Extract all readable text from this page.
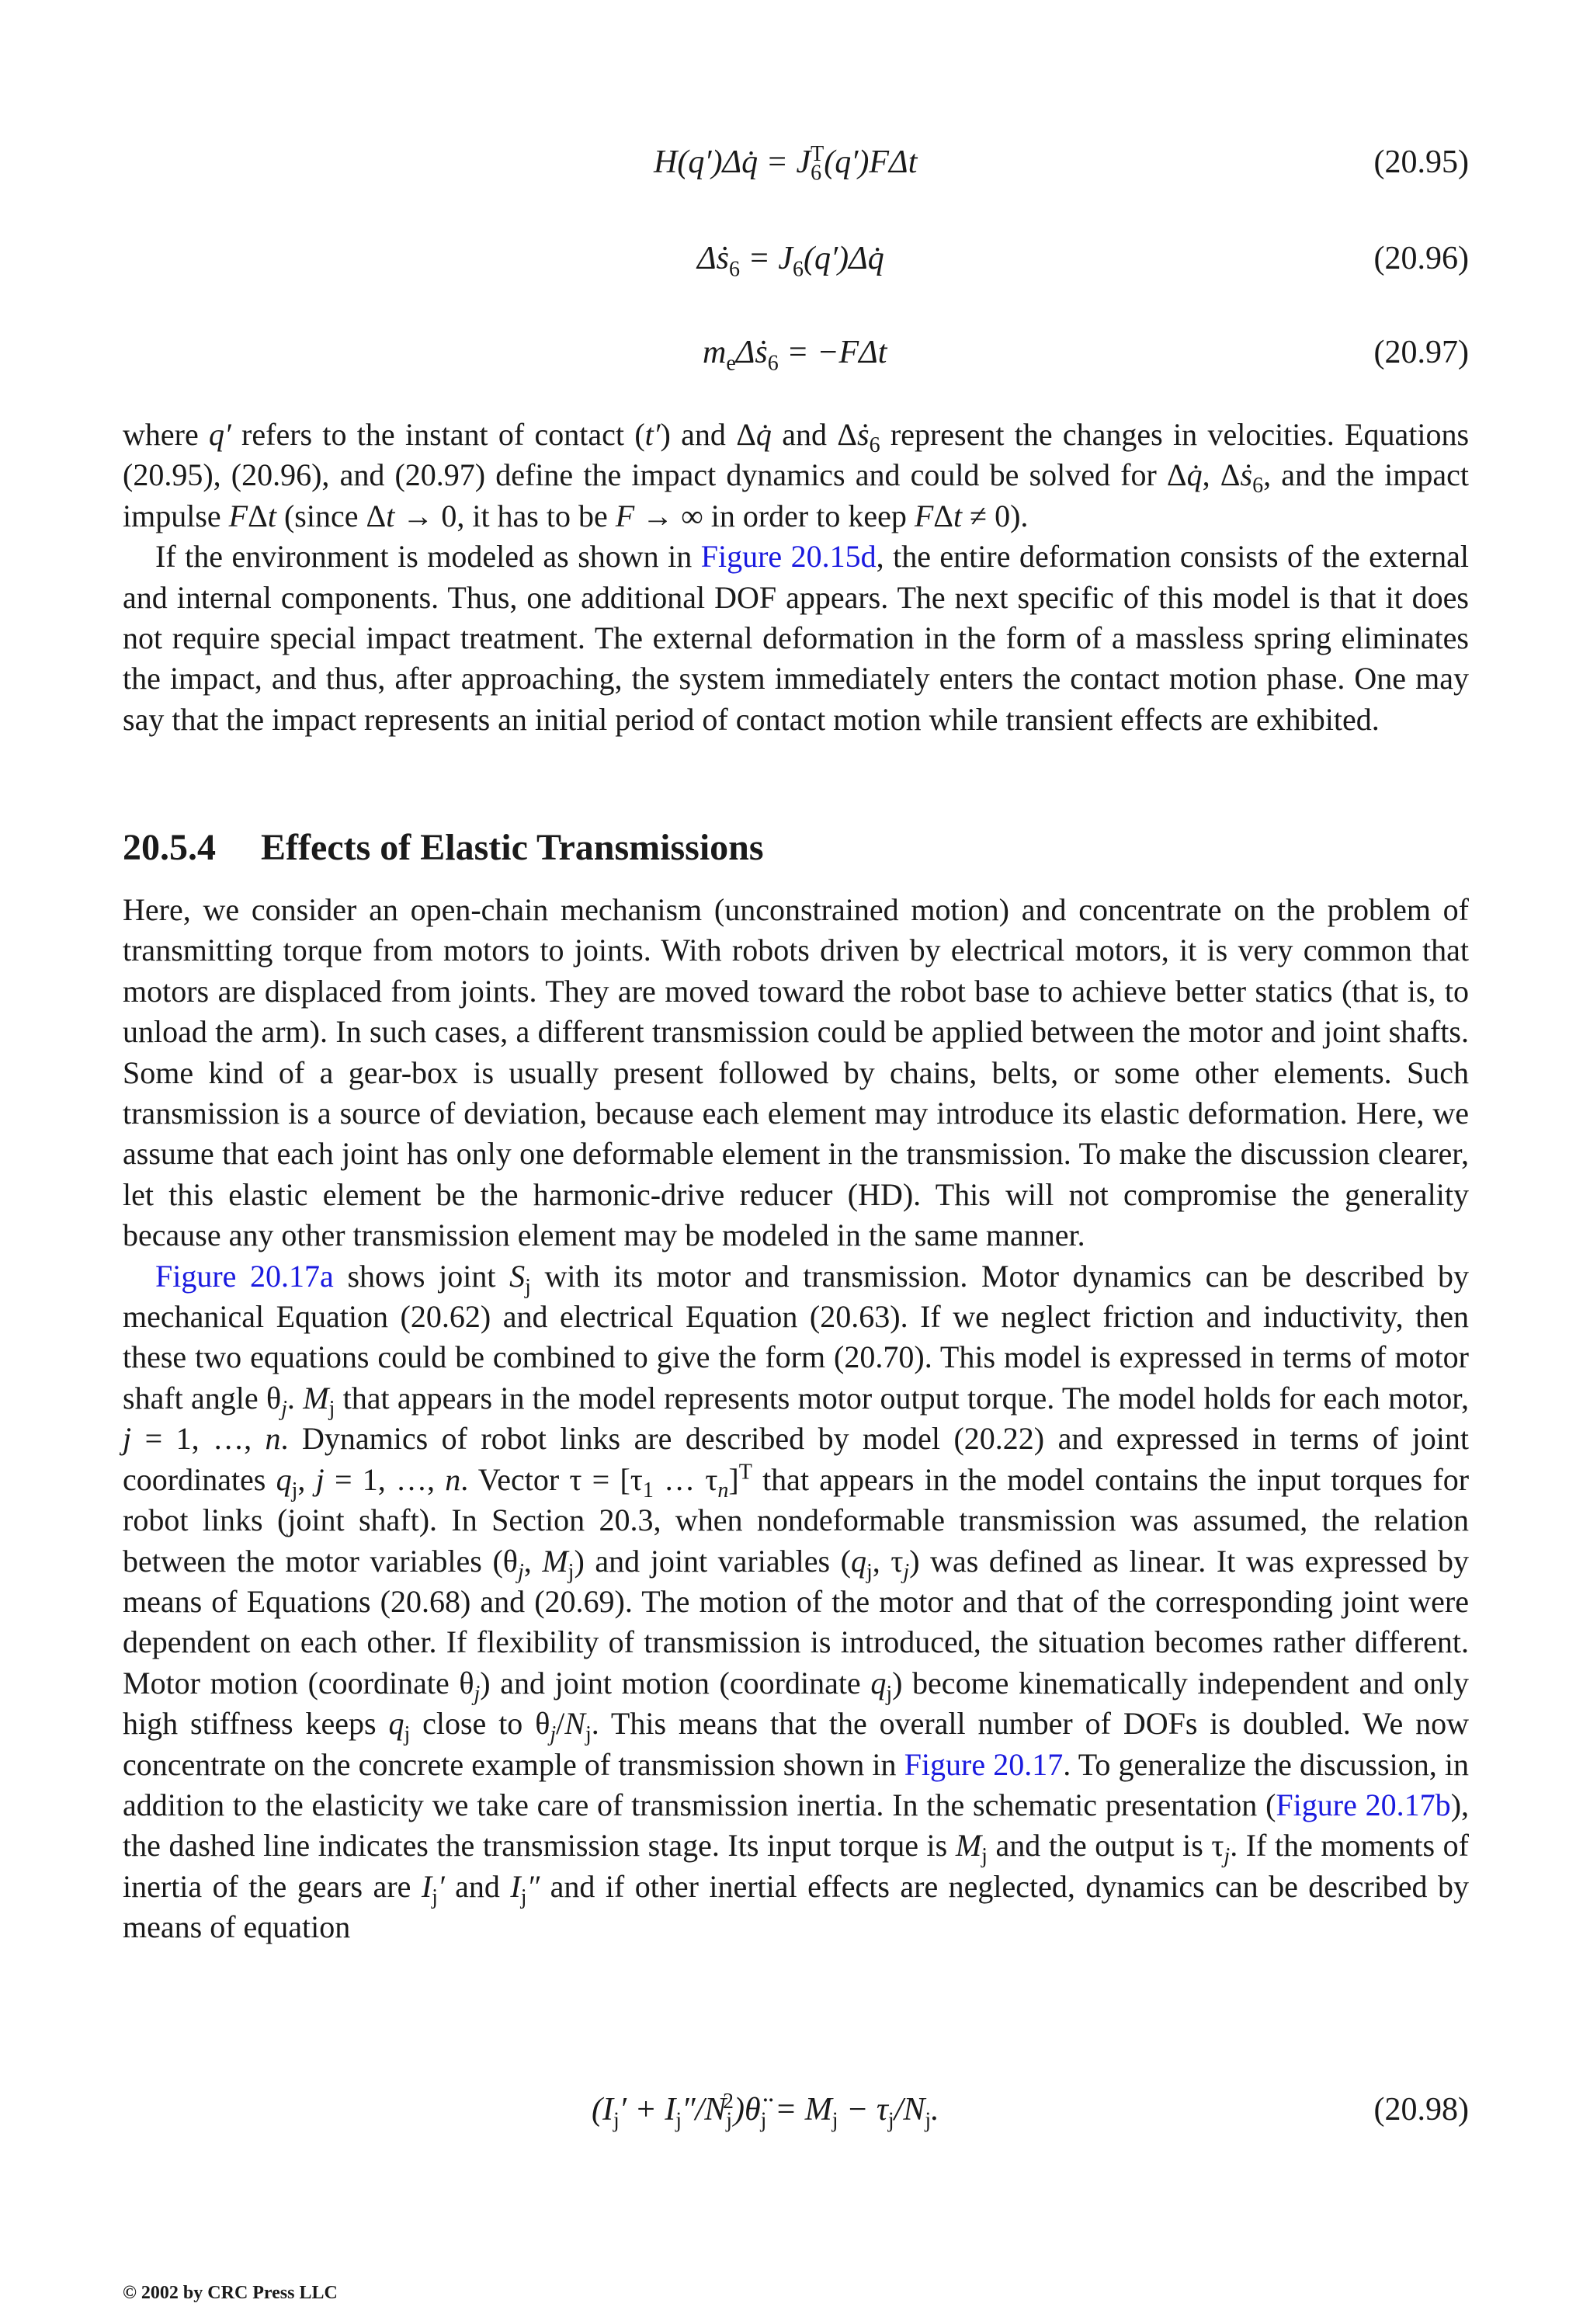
H(q′)Δq̇ = $J_6^T(q')F\Delta t$	(20.95)
Δṡ$_6$ = $J_6(q')\Delta q̇$	(20.96)
$m_e\Delta ṡ_6 = -F\Delta t$	(20.97)

where q′ refers to the instant of contact (t′) and Δq̇ and Δṡ$_6$ represent the changes in velocities. Equations (20.95), (20.96), and (20.97) define the impact dynamics and could be solved for Δq̇, Δṡ$_6$, and the impact impulse FΔt (since Δt → 0, it has to be F → ∞ in order to keep FΔt ≠ 0).

If the environment is modeled as shown in Figure 20.15d, the entire deformation consists of the external and internal components. Thus, one additional DOF appears. The next specific of this model is that it does not require special impact treatment. The external deformation in the form of a massless spring eliminates the impact, and thus, after approaching, the system immediately enters the contact motion phase. One may say that the impact represents an initial period of contact motion while transient effects are exhibited.

20.5.4 Effects of Elastic Transmissions

Here, we consider an open-chain mechanism (unconstrained motion) and concentrate on the problem of transmitting torque from motors to joints. With robots driven by electrical motors, it is very common that motors are displaced from joints. They are moved toward the robot base to achieve better statics (that is, to unload the arm). In such cases, a different transmission could be applied between the motor and joint shafts. Some kind of a gear-box is usually present followed by chains, belts, or some other elements. Such transmission is a source of deviation, because each element may introduce its elastic deformation. Here, we assume that each joint has only one deformable element in the transmission. To make the discussion clearer, let this elastic element be the harmonic-drive reducer (HD). This will not compromise the generality because any other transmission element may be modeled in the same manner.

Figure 20.17a shows joint $S_j$ with its motor and transmission. Motor dynamics can be described by mechanical Equation (20.62) and electrical Equation (20.63). If we neglect friction and inductivity, then these two equations could be combined to give the form (20.70). This model is expressed in terms of motor shaft angle $\theta_j$. $M_j$ that appears in the model represents motor output torque. The model holds for each motor, j = 1, …, n. Dynamics of robot links are described by model (20.22) and expressed in terms of joint coordinates $q_j$, j = 1, …, n. Vector $\tau = [\tau_1$ … $\tau_n]^T$ that appears in the model contains the input torques for robot links (joint shaft). In Section 20.3, when nondeformable transmission was assumed, the relation between the motor variables ($\theta_j$, $M_j$) and joint variables ($q_j$, $\tau_j$) was defined as linear. It was expressed by means of Equations (20.68) and (20.69). The motion of the motor and that of the corresponding joint were dependent on each other. If flexibility of transmission is introduced, the situation becomes rather different. Motor motion (coordinate $\theta_j$) and joint motion (coordinate $q_j$) become kinematically independent and only high stiffness keeps $q_j$ close to $\theta_j/N_j$. This means that the overall number of DOFs is doubled. We now concentrate on the concrete example of transmission shown in Figure 20.17. To generalize the discussion, in addition to the elasticity we take care of transmission inertia. In the schematic presentation (Figure 20.17b), the dashed line indicates the transmission stage. Its input torque is $M_j$ and the output is $\tau_j$. If the moments of inertia of the gears are $I_j'$ and $I_j''$ and if other inertial effects are neglected, dynamics can be described by means of equation

($I_j'$ + $I_j''/N_j^2)\thetä_j = M_j - \tau_j/N_j$.	(20.98)
© 2002 by CRC Press LLC
